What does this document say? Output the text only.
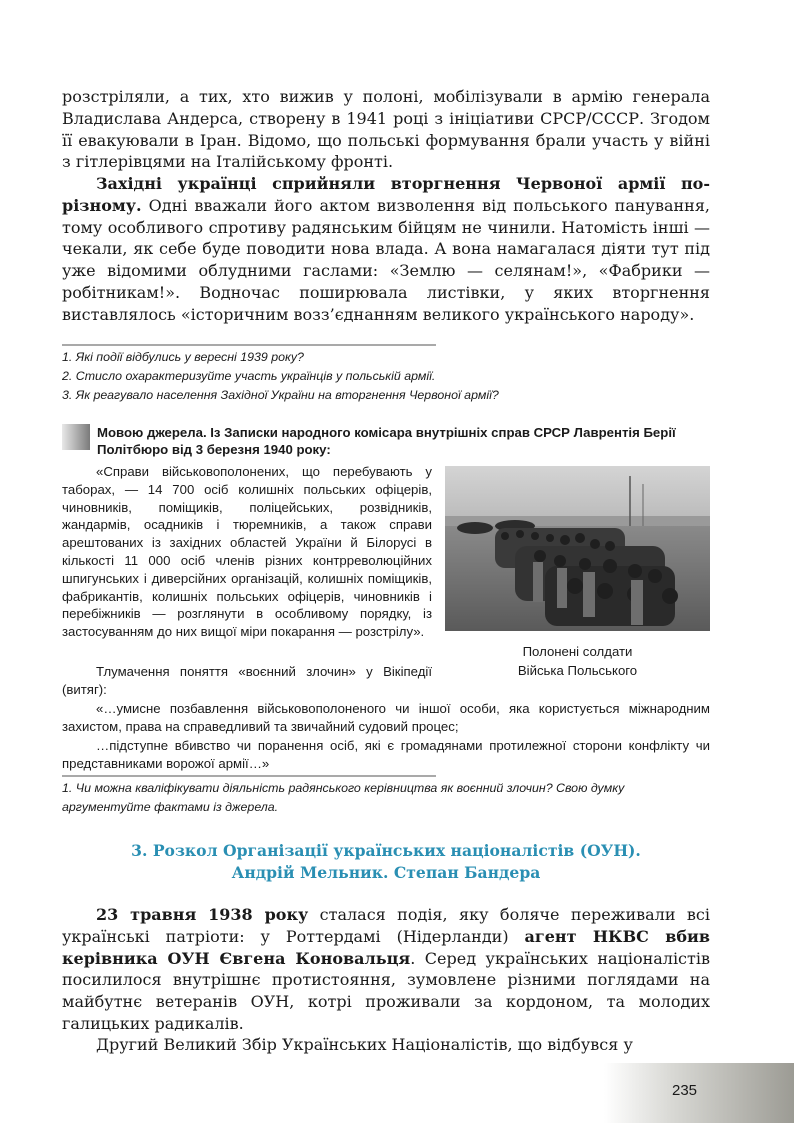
розстріляли, а тих, хто вижив у полоні, мобілізували в армію генерала Владислава Андерса, створену в 1941 році з ініціативи СРСР/СССР. Згодом її евакуювали в Іран. Відомо, що польські формування брали участь у війні з гітлерівцями на Італійському фронті.
Західні українці сприйняли вторгнення Червоної армії по-різному. Одні вважали його актом визволення від польського панування, тому особливого спротиву радянським бійцям не чинили. Натомість інші — чекали, як себе буде поводити нова влада. А вона намагалася діяти тут під уже відомими облудними гаслами: «Землю — селянам!», «Фабрики — робітникам!». Водночас поширювала листівки, у яких вторгнення виставлялось «історичним возз’єднанням великого українського народу».
1. Які події відбулись у вересні 1939 року?
2. Стисло охарактеризуйте участь українців у польській армії.
3. Як реагувало населення Західної України на вторгнення Червоної армії?
Мовою джерела. Із Записки народного комісара внутрішніх справ СРСР Лаврентія Берії Політбюро від 3 березня 1940 року:
«Справи військовополонених, що перебувають у таборах, — 14 700 осіб колишніх польських офіцерів, чиновників, поміщиків, поліцейських, розвідників, жандармів, осадників і тюремників, а також справи арештованих із західних областей України й Білорусі в кількості 11 000 осіб членів різних контрреволюційних шпигунських і диверсійних організацій, колишніх поміщиків, фабрикантів, колишніх польських офіцерів, чиновників і перебіжників — розглянути в особливому порядку, із застосуванням до них вищої міри покарання — розстрілу».
Тлумачення поняття «воєнний злочин» у Вікіпедії (витяг):
«…умисне позбавлення військовополоненого чи іншої особи, яка користується міжнародним захистом, права на справедливий та звичайний судовий процес;
…підступне вбивство чи поранення осіб, які є громадянами протилежної сторони конфлікту чи представниками ворожої армії…»
Полонені солдати
Війська Польського
1. Чи можна кваліфікувати діяльність радянського керівництва як воєнний злочин? Свою думку аргументуйте фактами із джерела.
3. Розкол Організації українських націоналістів (ОУН).
Андрій Мельник. Степан Бандера
23 травня 1938 року сталася подія, яку боляче переживали всі українські патріоти: у Роттердамі (Нідерланди) агент НКВС вбив керівника ОУН Євгена Коновальця. Серед українських націоналістів посилилося внутрішнє протистояння, зумовлене різними поглядами на майбутнє ветеранів ОУН, котрі проживали за кордоном, та молодих галицьких радикалів.
Другий Великий Збір Українських Націоналістів, що відбувся у
235
